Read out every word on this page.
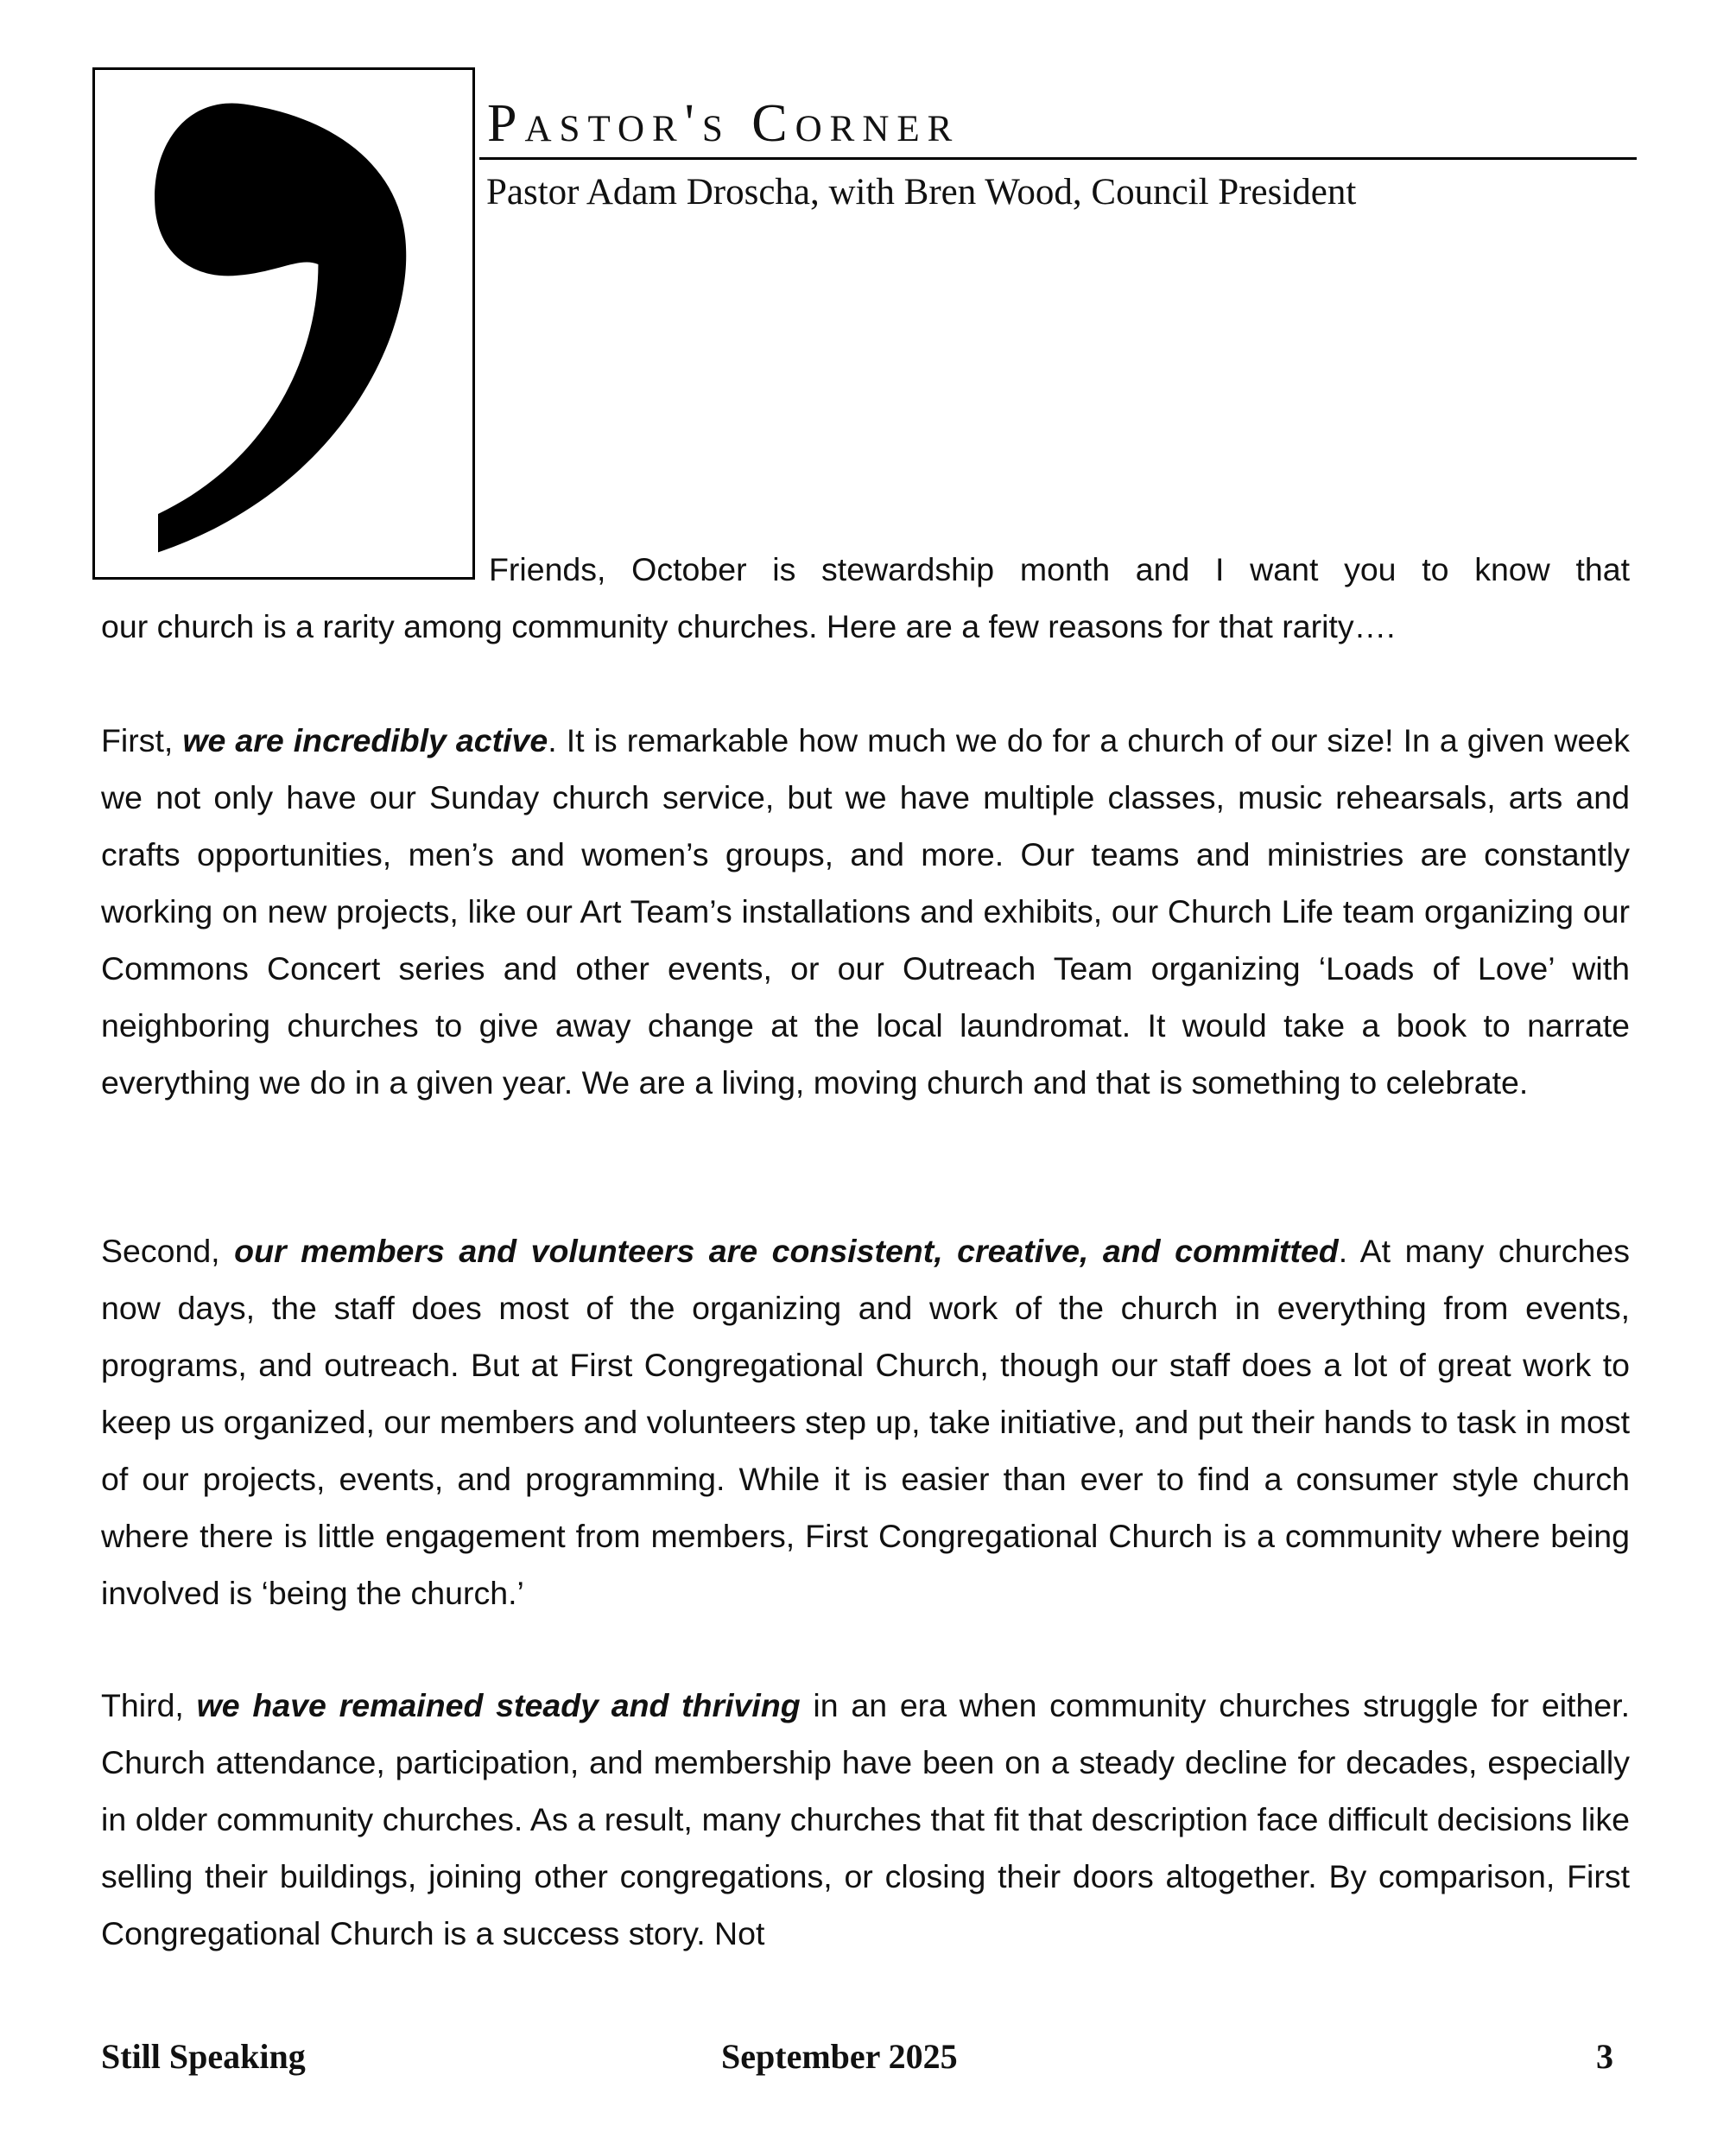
Pastor's Corner
Pastor Adam Droscha, with Bren Wood, Council President
Friends, October is stewardship month and I want you to know that
our church is a rarity among community churches. Here are a few reasons for that rarity….
First, we are incredibly active. It is remarkable how much we do for a church of our size! In a given week we not only have our Sunday church service, but we have multiple classes, music rehearsals, arts and crafts opportunities, men’s and women’s groups, and more. Our teams and ministries are constantly working on new projects, like our Art Team’s installations and exhibits, our Church Life team organizing our Commons Concert series and other events, or our Outreach Team organizing ‘Loads of Love’ with neighboring churches to give away change at the local laundromat. It would take a book to narrate everything we do in a given year. We are a living, moving church and that is something to celebrate.
Second, our members and volunteers are consistent, creative, and committed. At many churches now days, the staff does most of the organizing and work of the church in everything from events, programs, and outreach. But at First Congregational Church, though our staff does a lot of great work to keep us organized, our members and volunteers step up, take initiative, and put their hands to task in most of our projects, events, and programming. While it is easier than ever to find a consumer style church where there is little engagement from members, First Congregational Church is a community where being involved is ‘being the church.’
Third, we have remained steady and thriving in an era when community churches struggle for either. Church attendance, participation, and membership have been on a steady decline for decades, especially in older community churches. As a result, many churches that fit that description face difficult decisions like selling their buildings, joining other congregations, or closing their doors altogether. By comparison, First Congregational Church is a success story. Not
Still Speaking	September 2025	3
